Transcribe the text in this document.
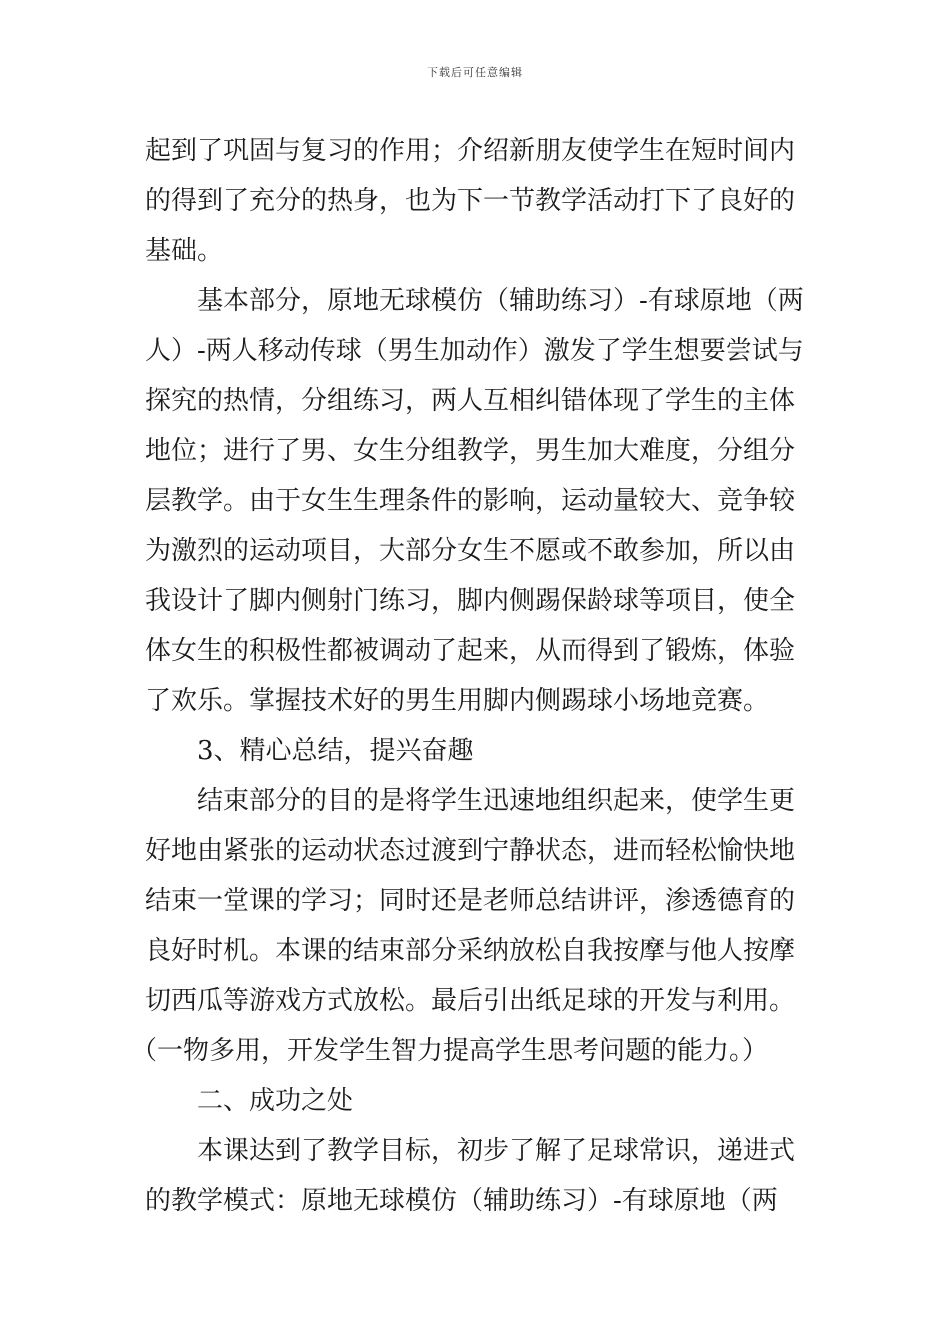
下载后可任意编辑
起到了巩固与复习的作用；介绍新朋友使学生在短时间内
的得到了充分的热身，也为下一节教学活动打下了良好的
基础。
基本部分，原地无球模仿（辅助练习）-有球原地（两
人）-两人移动传球（男生加动作）激发了学生想要尝试与
探究的热情，分组练习，两人互相纠错体现了学生的主体
地位；进行了男、女生分组教学，男生加大难度，分组分
层教学。由于女生生理条件的影响，运动量较大、竞争较
为激烈的运动项目，大部分女生不愿或不敢参加，所以由
我设计了脚内侧射门练习，脚内侧踢保龄球等项目，使全
体女生的积极性都被调动了起来，从而得到了锻炼，体验
了欢乐。掌握技术好的男生用脚内侧踢球小场地竞赛。
3、精心总结，提兴奋趣
结束部分的目的是将学生迅速地组织起来，使学生更
好地由紧张的运动状态过渡到宁静状态，进而轻松愉快地
结束一堂课的学习；同时还是老师总结讲评，渗透德育的
良好时机。本课的结束部分采纳放松自我按摩与他人按摩
切西瓜等游戏方式放松。最后引出纸足球的开发与利用。
（一物多用，开发学生智力提高学生思考问题的能力。）
二、成功之处
本课达到了教学目标，初步了解了足球常识，递进式
的教学模式：原地无球模仿（辅助练习）-有球原地（两
